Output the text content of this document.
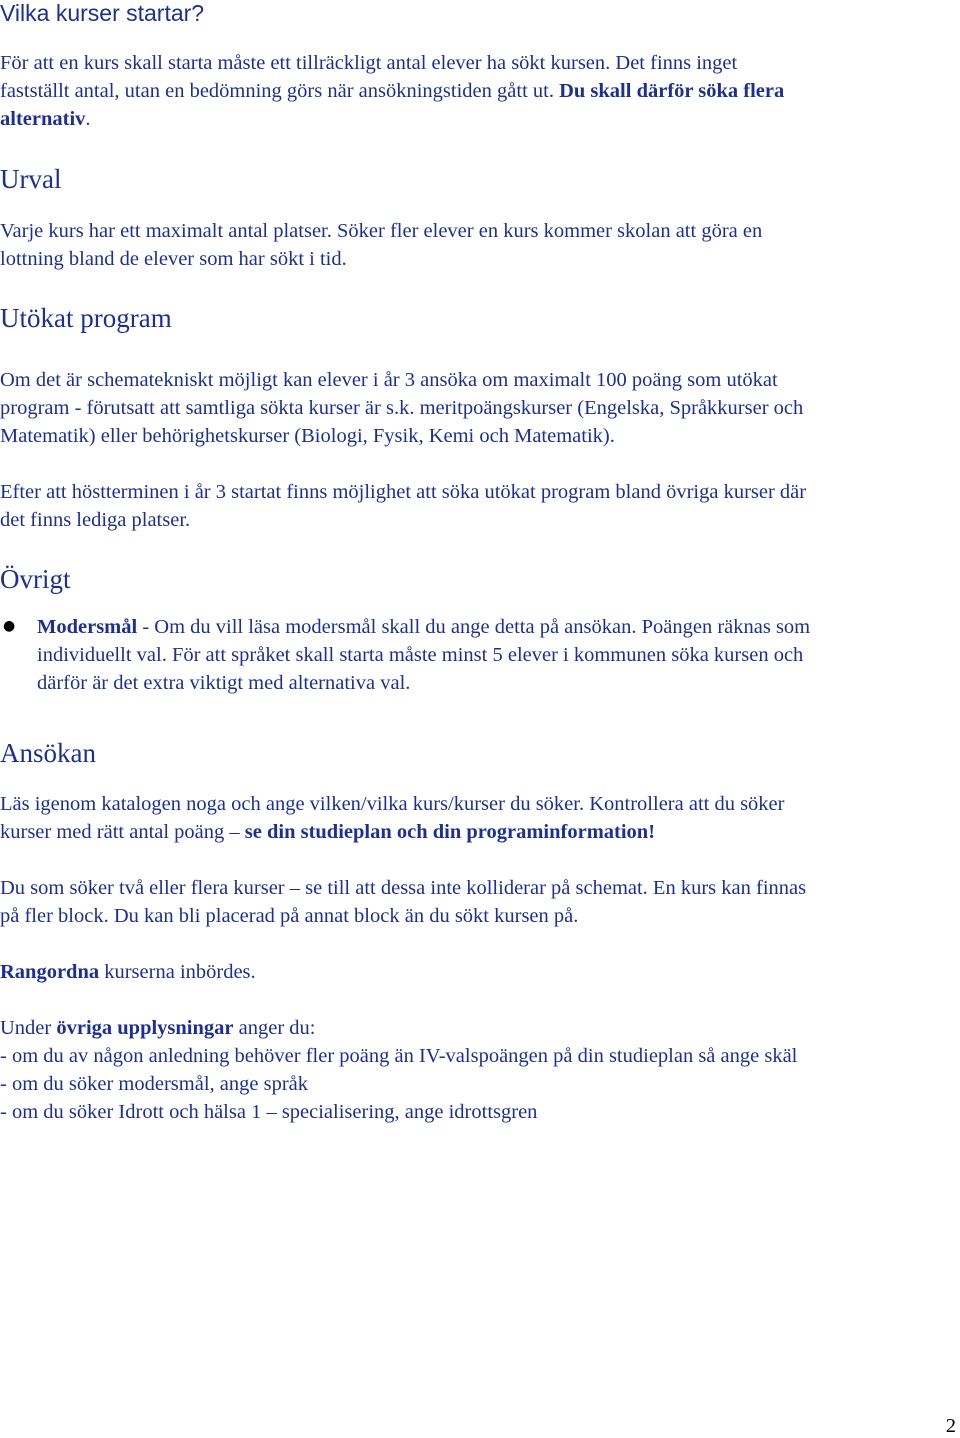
Vilka kurser startar?
För att en kurs skall starta måste ett tillräckligt antal elever ha sökt kursen. Det finns inget
fastställt antal, utan en bedömning görs när ansökningstiden gått ut. Du skall därför söka flera
alternativ.
Urval
Varje kurs har ett maximalt antal platser. Söker fler elever en kurs kommer skolan att göra en
lottning bland de elever som har sökt i tid.
Utökat program
Om det är schematekniskt möjligt kan elever i år 3 ansöka om maximalt 100 poäng som utökat
program - förutsatt att samtliga sökta kurser är s.k. meritpoängskurser (Engelska, Språkkurser och
Matematik) eller behörighetskurser (Biologi, Fysik, Kemi och Matematik).
Efter att höstterminen i år 3 startat finns möjlighet att söka utökat program bland övriga kurser där
det finns lediga platser.
Övrigt
● Modersmål - Om du vill läsa modersmål skall du ange detta på ansökan. Poängen räknas som
individuellt val. För att språket skall starta måste minst 5 elever i kommunen söka kursen och
därför är det extra viktigt med alternativa val.
Ansökan
Läs igenom katalogen noga och ange vilken/vilka kurs/kurser du söker. Kontrollera att du söker
kurser med rätt antal poäng – se din studieplan och din programinformation!
Du som söker två eller flera kurser – se till att dessa inte kolliderar på schemat. En kurs kan finnas
på fler block. Du kan bli placerad på annat block än du sökt kursen på.
Rangordna kurserna inbördes.
Under övriga upplysningar anger du:
- om du av någon anledning behöver fler poäng än IV-valspoängen på din studieplan så ange skäl
- om du söker modersmål, ange språk
- om du söker Idrott och hälsa 1 – specialisering, ange idrottsgren
2
